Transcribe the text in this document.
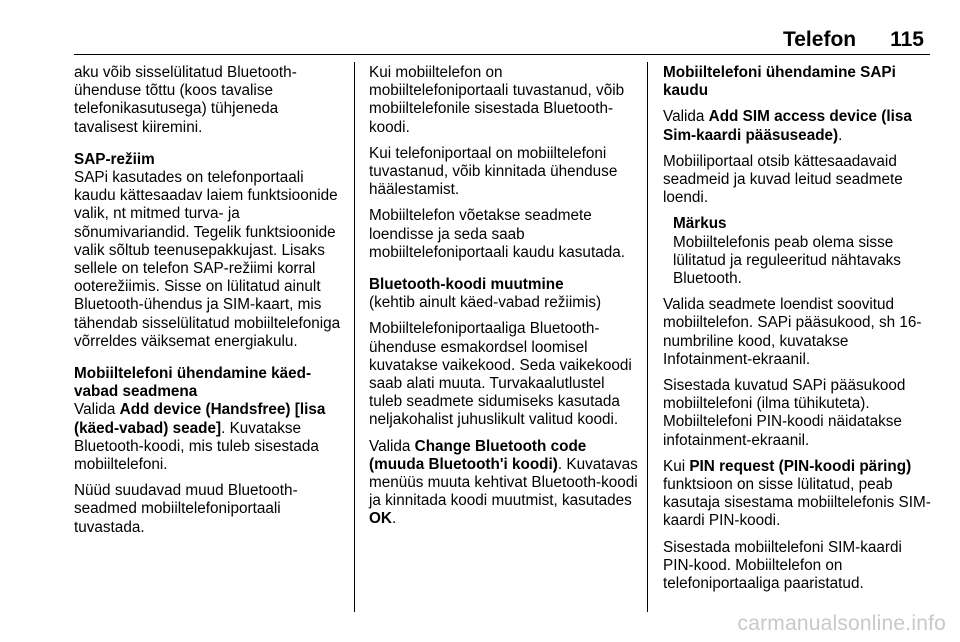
Telefon 115

aku võib sisselülitatud Bluetooth-ühenduse tõttu (koos tavalise telefonikasutusega) tühjeneda tavalisest kiiremini.

SAP-režiim
SAPi kasutades on telefonportaali kaudu kättesaadav laiem funktsioonide valik, nt mitmed turva- ja sõnumivariandid. Tegelik funktsioonide valik sõltub teenusepakkujast. Lisaks sellele on telefon SAP-režiimi korral ooterežiimis. Sisse on lülitatud ainult Bluetooth-ühendus ja SIM-kaart, mis tähendab sisselülitatud mobiiltelefoniga võrreldes väiksemat energiakulu.

Mobiiltelefoni ühendamine käed-vabad seadmena
Valida Add device (Handsfree) [lisa (käed-vabad) seade]. Kuvatakse Bluetooth-koodi, mis tuleb sisestada mobiiltelefoni.

Nüüd suudavad muud Bluetooth-seadmed mobiiltelefoniportaali tuvastada.

Kui mobiiltelefon on mobiiltelefoniportaali tuvastanud, võib mobiiltelefonile sisestada Bluetooth-koodi.

Kui telefoniportaal on mobiiltelefoni tuvastanud, võib kinnitada ühenduse häälestamist.

Mobiiltelefon võetakse seadmete loendisse ja seda saab mobiiltelefoniportaali kaudu kasutada.

Bluetooth-koodi muutmine
(kehtib ainult käed-vabad režiimis)

Mobiiltelefoniportaaliga Bluetooth-ühenduse esmakordsel loomisel kuvatakse vaikekood. Seda vaikekoodi saab alati muuta. Turvakaalutlustel tuleb seadmete sidumiseks kasutada neljakohalist juhuslikult valitud koodi.

Valida Change Bluetooth code (muuda Bluetooth'i koodi). Kuvatavas menüüs muuta kehtivat Bluetooth-koodi ja kinnitada koodi muutmist, kasutades OK.

Mobiiltelefoni ühendamine SAPi kaudu

Valida Add SIM access device (lisa Sim-kaardi pääsuseade).

Mobiiliportaal otsib kättesaadavaid seadmeid ja kuvad leitud seadmete loendi.

Märkus
Mobiiltelefonis peab olema sisse lülitatud ja reguleeritud nähtavaks Bluetooth.

Valida seadmete loendist soovitud mobiiltelefon. SAPi pääsukood, sh 16-numbriline kood, kuvatakse Infotainment-ekraanil.

Sisestada kuvatud SAPi pääsukood mobiiltelefoni (ilma tühikuteta). Mobiiltelefoni PIN-koodi näidatakse infotainment-ekraanil.

Kui PIN request (PIN-koodi päring) funktsioon on sisse lülitatud, peab kasutaja sisestama mobiiltelefonis SIM-kaardi PIN-koodi.

Sisestada mobiiltelefoni SIM-kaardi PIN-kood. Mobiiltelefon on telefoniportaaliga paaristatud.

carmanualsonline.info
